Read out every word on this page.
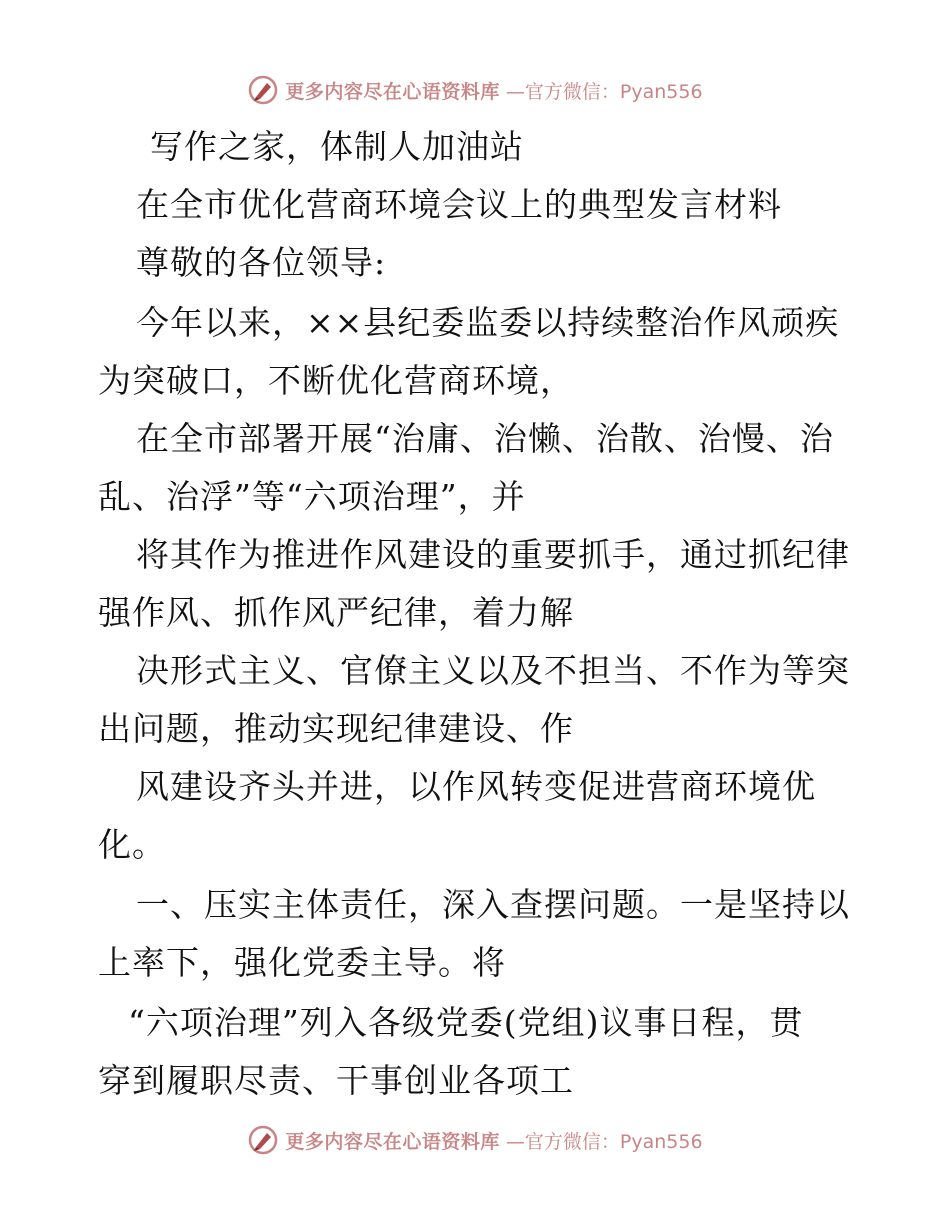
更多内容尽在心语资料库 —官方微信：Pyan556
写作之家，体制人加油站
在全市优化营商环境会议上的典型发言材料
尊敬的各位领导:
今年以来，××县纪委监委以持续整治作风顽疾
为突破口，不断优化营商环境，
在全市部署开展“治庸、治懒、治散、治慢、治
乱、治浮”等“六项治理”，并
将其作为推进作风建设的重要抓手，通过抓纪律
强作风、抓作风严纪律，着力解
决形式主义、官僚主义以及不担当、不作为等突
出问题，推动实现纪律建设、作
风建设齐头并进，以作风转变促进营商环境优
化。
一、压实主体责任，深入查摆问题。一是坚持以
上率下，强化党委主导。将
“六项治理”列入各级党委(党组)议事日程，贯
穿到履职尽责、干事创业各项工
更多内容尽在心语资料库 —官方微信：Pyan556
